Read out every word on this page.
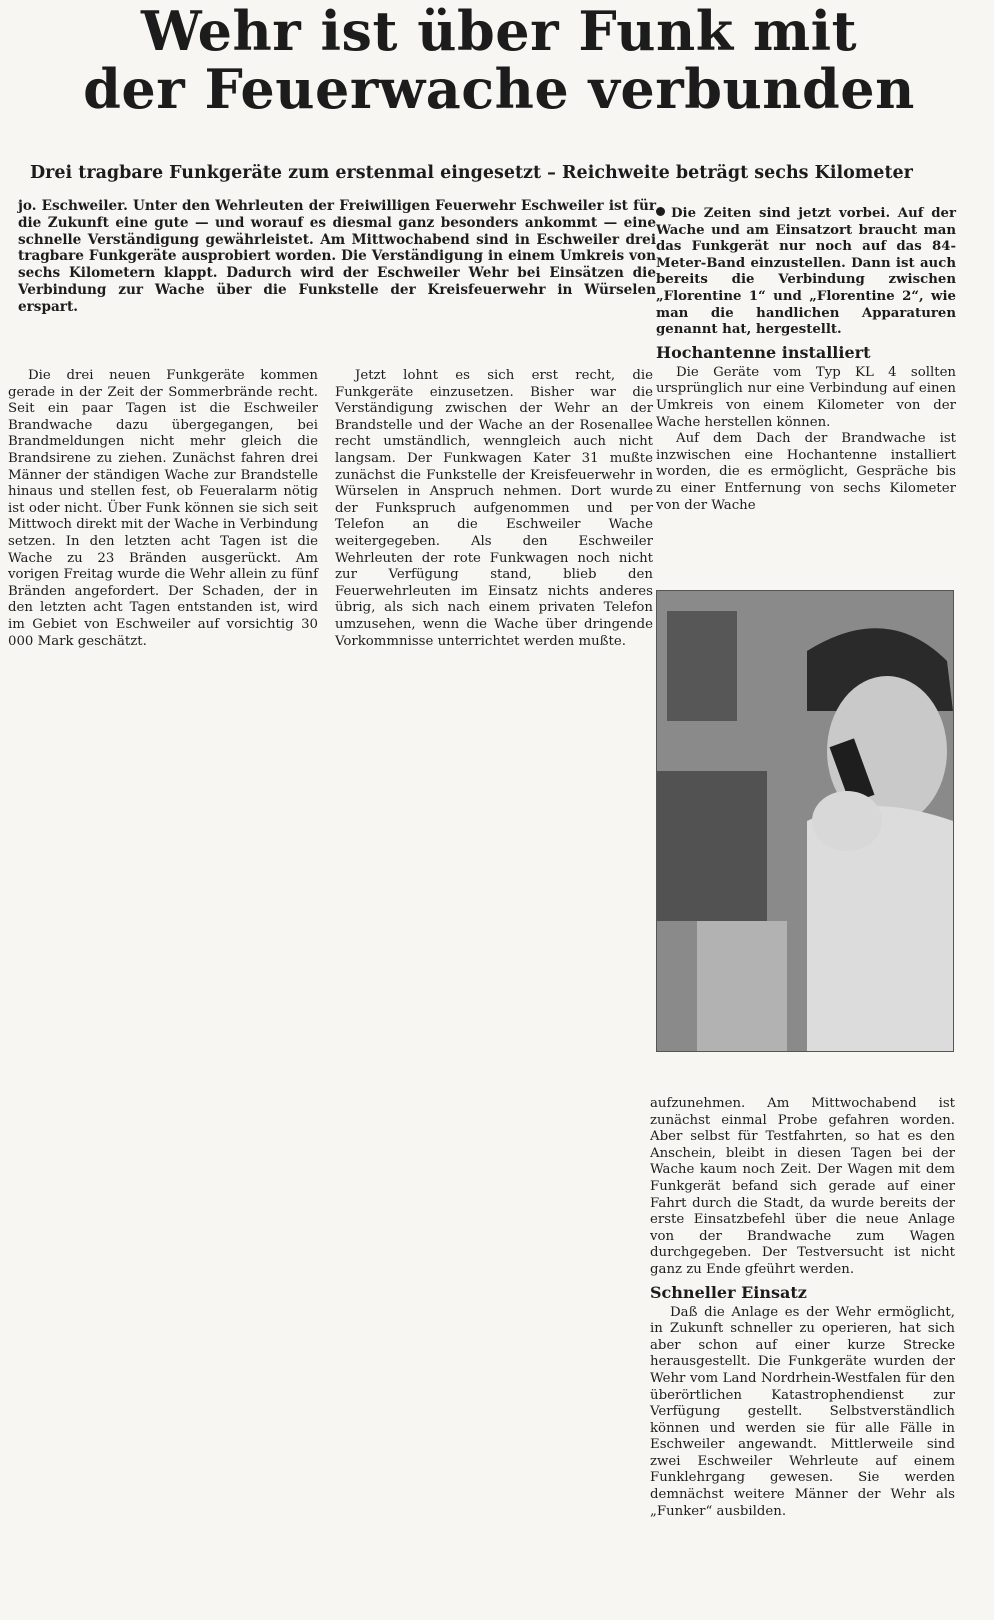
Wehr ist über Funk mit
der Feuerwache verbunden
Drei tragbare Funkgeräte zum erstenmal eingesetzt – Reichweite beträgt sechs Kilometer

jo. Eschweiler. Unter den Wehrleuten der Freiwilligen Feuerwehr Eschweiler ist für die Zukunft eine gute — und worauf es diesmal ganz besonders ankommt — eine schnelle Verständigung gewährleistet. Am Mittwochabend sind in Eschweiler drei tragbare Funkgeräte ausprobiert worden. Die Verständigung in einem Umkreis von sechs Kilometern klappt. Dadurch wird der Eschweiler Wehr bei Einsätzen die Verbindung zur Wache über die Funkstelle der Kreisfeuerwehr in Würselen erspart.

Die drei neuen Funkgeräte kommen gerade in der Zeit der Sommerbrände recht. Seit ein paar Tagen ist die Eschweiler Brandwache dazu übergegangen, bei Brandmeldungen nicht mehr gleich die Brandsirene zu ziehen. Zunächst fahren drei Männer der ständigen Wache zur Brandstelle hinaus und stellen fest, ob Feueralarm nötig ist oder nicht. Über Funk können sie sich seit Mittwoch direkt mit der Wache in Verbindung setzen. In den letzten acht Tagen ist die Wache zu 23 Bränden ausgerückt. Am vorigen Freitag wurde die Wehr allein zu fünf Bränden angefordert. Der Schaden, der in den letzten acht Tagen entstanden ist, wird im Gebiet von Eschweiler auf vorsichtig 30 000 Mark geschätzt.

Jetzt lohnt es sich erst recht, die Funkgeräte einzusetzen. Bisher war die Verständigung zwischen der Wehr an der Brandstelle und der Wache an der Rosenallee recht umständlich, wenngleich auch nicht langsam. Der Funkwagen Kater 31 mußte zunächst die Funkstelle der Kreisfeuerwehr in Würselen in Anspruch nehmen. Dort wurde der Funkspruch aufgenommen und per Telefon an die Eschweiler Wache weitergegeben. Als den Eschweiler Wehrleuten der rote Funkwagen noch nicht zur Verfügung stand, blieb den Feuerwehrleuten im Einsatz nichts anderes übrig, als sich nach einem privaten Telefon umzusehen, wenn die Wache über dringende Vorkommnisse unterrichtet werden mußte.

Die Zeiten sind jetzt vorbei. Auf der Wache und am Einsatzort braucht man das Funkgerät nur noch auf das 84-Meter-Band einzustellen. Dann ist auch bereits die Verbindung zwischen „Florentine 1“ und „Florentine 2“, wie man die handlichen Apparaturen genannt hat, hergestellt.

Hochantenne installiert

Die Geräte vom Typ KL 4 sollten ursprünglich nur eine Verbindung auf einen Umkreis von einem Kilometer von der Wache herstellen können.

Auf dem Dach der Brandwache ist inzwischen eine Hochantenne installiert worden, die es ermöglicht, Gespräche bis zu einer Entfernung von sechs Kilometer von der Wache

aufzunehmen. Am Mittwochabend ist zunächst einmal Probe gefahren worden. Aber selbst für Testfahrten, so hat es den Anschein, bleibt in diesen Tagen bei der Wache kaum noch Zeit. Der Wagen mit dem Funkgerät befand sich gerade auf einer Fahrt durch die Stadt, da wurde bereits der erste Einsatzbefehl über die neue Anlage von der Brandwache zum Wagen durchgegeben. Der Testversucht ist nicht ganz zu Ende gfeührt werden.

Schneller Einsatz

Daß die Anlage es der Wehr ermöglicht, in Zukunft schneller zu operieren, hat sich aber schon auf einer kurze Strecke herausgestellt. Die Funkgeräte wurden der Wehr vom Land Nordrhein-Westfalen für den überörtlichen Katastrophendienst zur Verfügung gestellt. Selbstverständlich können und werden sie für alle Fälle in Eschweiler angewandt. Mittlerweile sind zwei Eschweiler Wehrleute auf einem Funklehrgang gewesen. Sie werden demnächst weitere Männer der Wehr als „Funker“ ausbilden.
